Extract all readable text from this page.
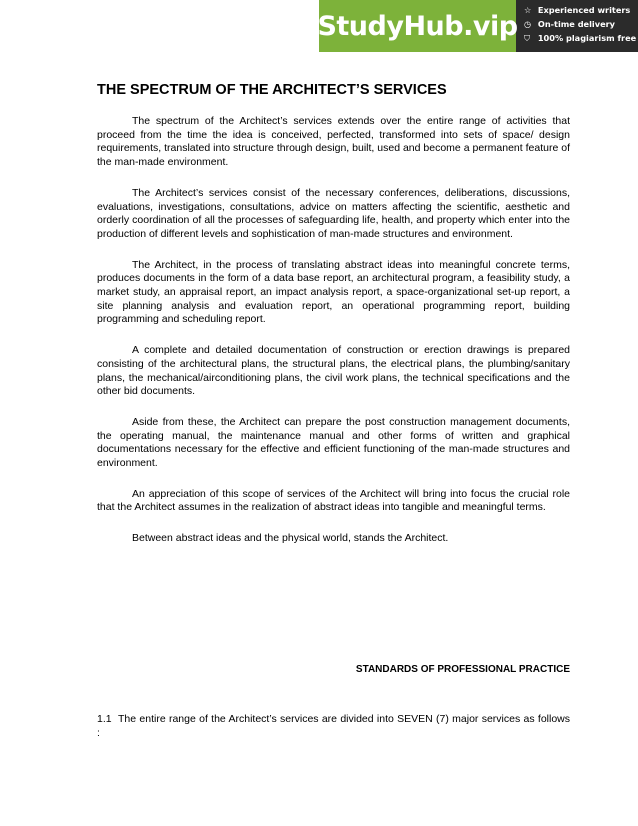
StudyHub.vip
☆ Experienced writers
◷ On-time delivery
⛉ 100% plagiarism free
THE SPECTRUM OF THE ARCHITECT’S SERVICES

The spectrum of the Architect’s services extends over the entire range of activities that proceed from the time the idea is conceived, perfected, transformed into sets of space/ design requirements, translated into structure through design, built, used and become a permanent feature of the man-made environment.

The Architect’s services consist of the necessary conferences, deliberations, discussions, evaluations, investigations, consultations, advice on matters affecting the scientific, aesthetic and orderly coordination of all the processes of safeguarding life, health, and property which enter into the production of different levels and sophistication of man-made structures and environment.

The Architect, in the process of translating abstract ideas into meaningful concrete terms, produces documents in the form of a data base report, an architectural program, a feasibility study, a market study, an appraisal report, an impact analysis report, a space-organizational set-up report, a site planning analysis and evaluation report, an operational programming report, building programming and scheduling report.

A complete and detailed documentation of construction or erection drawings is prepared consisting of the architectural plans, the structural plans, the electrical plans, the plumbing/sanitary plans, the mechanical/airconditioning plans, the civil work plans, the technical specifications and the other bid documents.

Aside from these, the Architect can prepare the post construction management documents, the operating manual, the maintenance manual and other forms of written and graphical documentations necessary for the effective and efficient functioning of the man-made structures and environment.

An appreciation of this scope of services of the Architect will bring into focus the crucial role that the Architect assumes in the realization of abstract ideas into tangible and meaningful terms.

Between abstract ideas and the physical world, stands the Architect.

STANDARDS OF PROFESSIONAL PRACTICE
1.1 The entire range of the Architect’s services are divided into SEVEN (7) major services as follows :
